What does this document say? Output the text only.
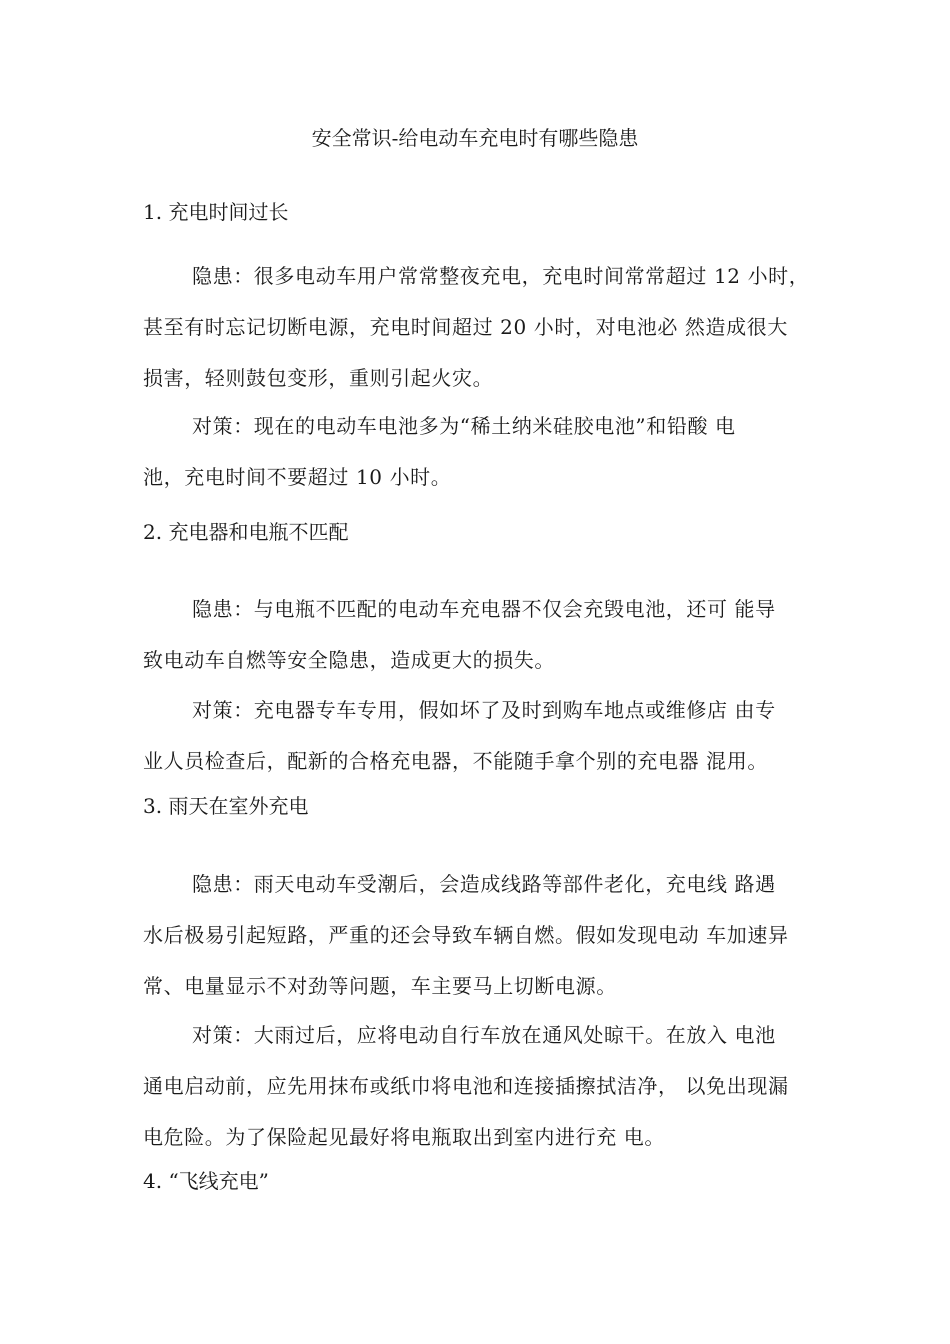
安全常识-给电动车充电时有哪些隐患
1. 充电时间过长
隐患：很多电动车用户常常整夜充电，充电时间常常超过 12 小时，
甚至有时忘记切断电源，充电时间超过 20 小时，对电池必 然造成很大
损害，轻则鼓包变形，重则引起火灾。
对策：现在的电动车电池多为“稀土纳米硅胶电池”和铅酸 电
池，充电时间不要超过 10 小时。
2. 充电器和电瓶不匹配
隐患：与电瓶不匹配的电动车充电器不仅会充毁电池，还可 能导
致电动车自燃等安全隐患，造成更大的损失。
对策：充电器专车专用，假如坏了及时到购车地点或维修店 由专
业人员检查后，配新的合格充电器，不能随手拿个别的充电器 混用。
3. 雨天在室外充电
隐患：雨天电动车受潮后，会造成线路等部件老化，充电线 路遇
水后极易引起短路，严重的还会导致车辆自燃。假如发现电动 车加速异
常、电量显示不对劲等问题，车主要马上切断电源。
对策：大雨过后，应将电动自行车放在通风处晾干。在放入 电池
通电启动前，应先用抹布或纸巾将电池和连接插擦拭洁净， 以免出现漏
电危险。为了保险起见最好将电瓶取出到室内进行充 电。
4. “飞线充电”
